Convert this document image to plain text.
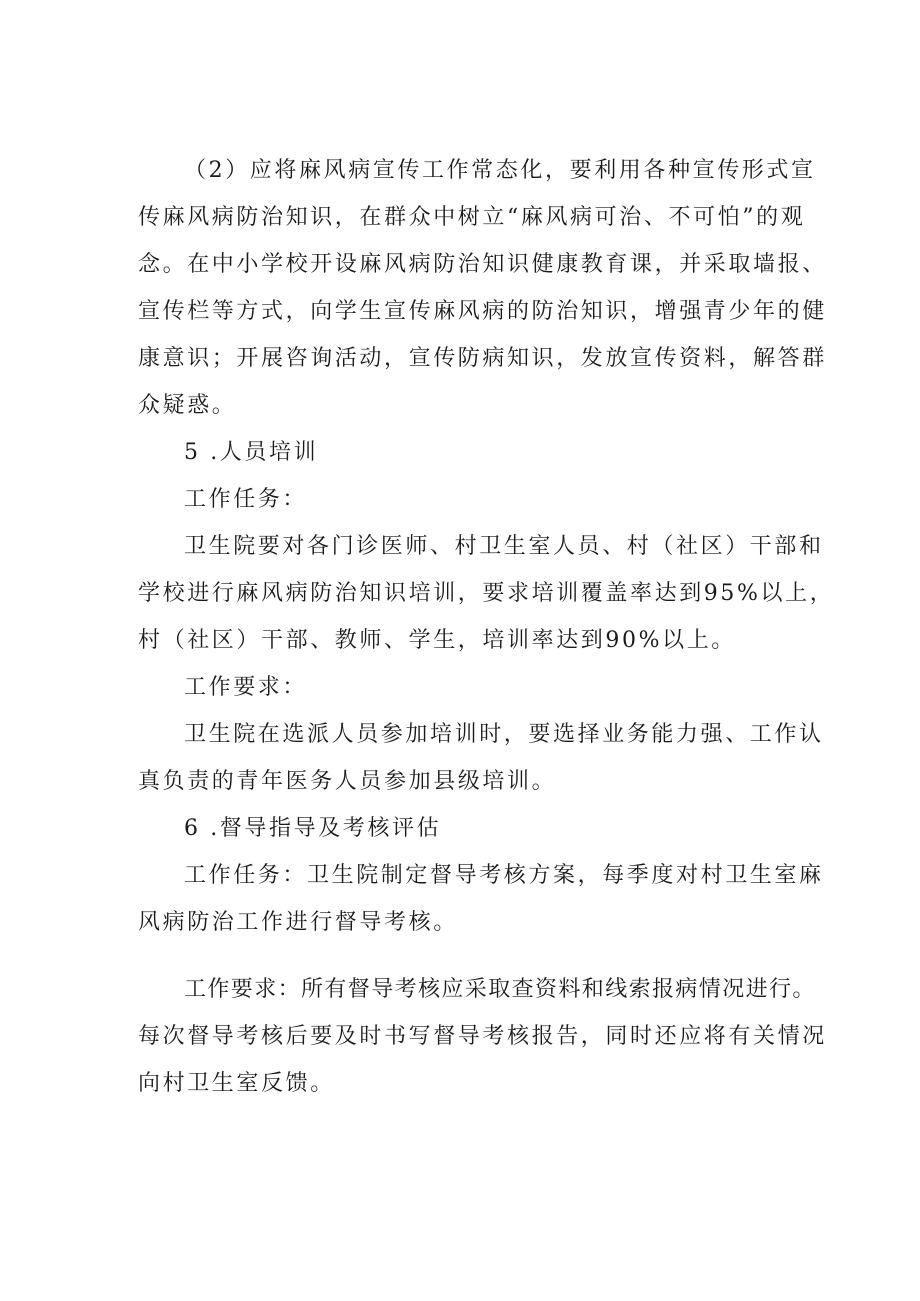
（2）应将麻风病宣传工作常态化，要利用各种宣传形式宣
传麻风病防治知识，在群众中树立“麻风病可治、不可怕”的观
念。在中小学校开设麻风病防治知识健康教育课，并采取墙报、
宣传栏等方式，向学生宣传麻风病的防治知识，增强青少年的健
康意识；开展咨询活动，宣传防病知识，发放宣传资料，解答群
众疑惑。
5 .人员培训
工作任务：
卫生院要对各门诊医师、村卫生室人员、村（社区）干部和
学校进行麻风病防治知识培训，要求培训覆盖率达到95%以上，
村（社区）干部、教师、学生，培训率达到90%以上。
工作要求：
卫生院在选派人员参加培训时，要选择业务能力强、工作认
真负责的青年医务人员参加县级培训。
6 .督导指导及考核评估
工作任务：卫生院制定督导考核方案，每季度对村卫生室麻
风病防治工作进行督导考核。
工作要求：所有督导考核应采取查资料和线索报病情况进行。
每次督导考核后要及时书写督导考核报告，同时还应将有关情况
向村卫生室反馈。
